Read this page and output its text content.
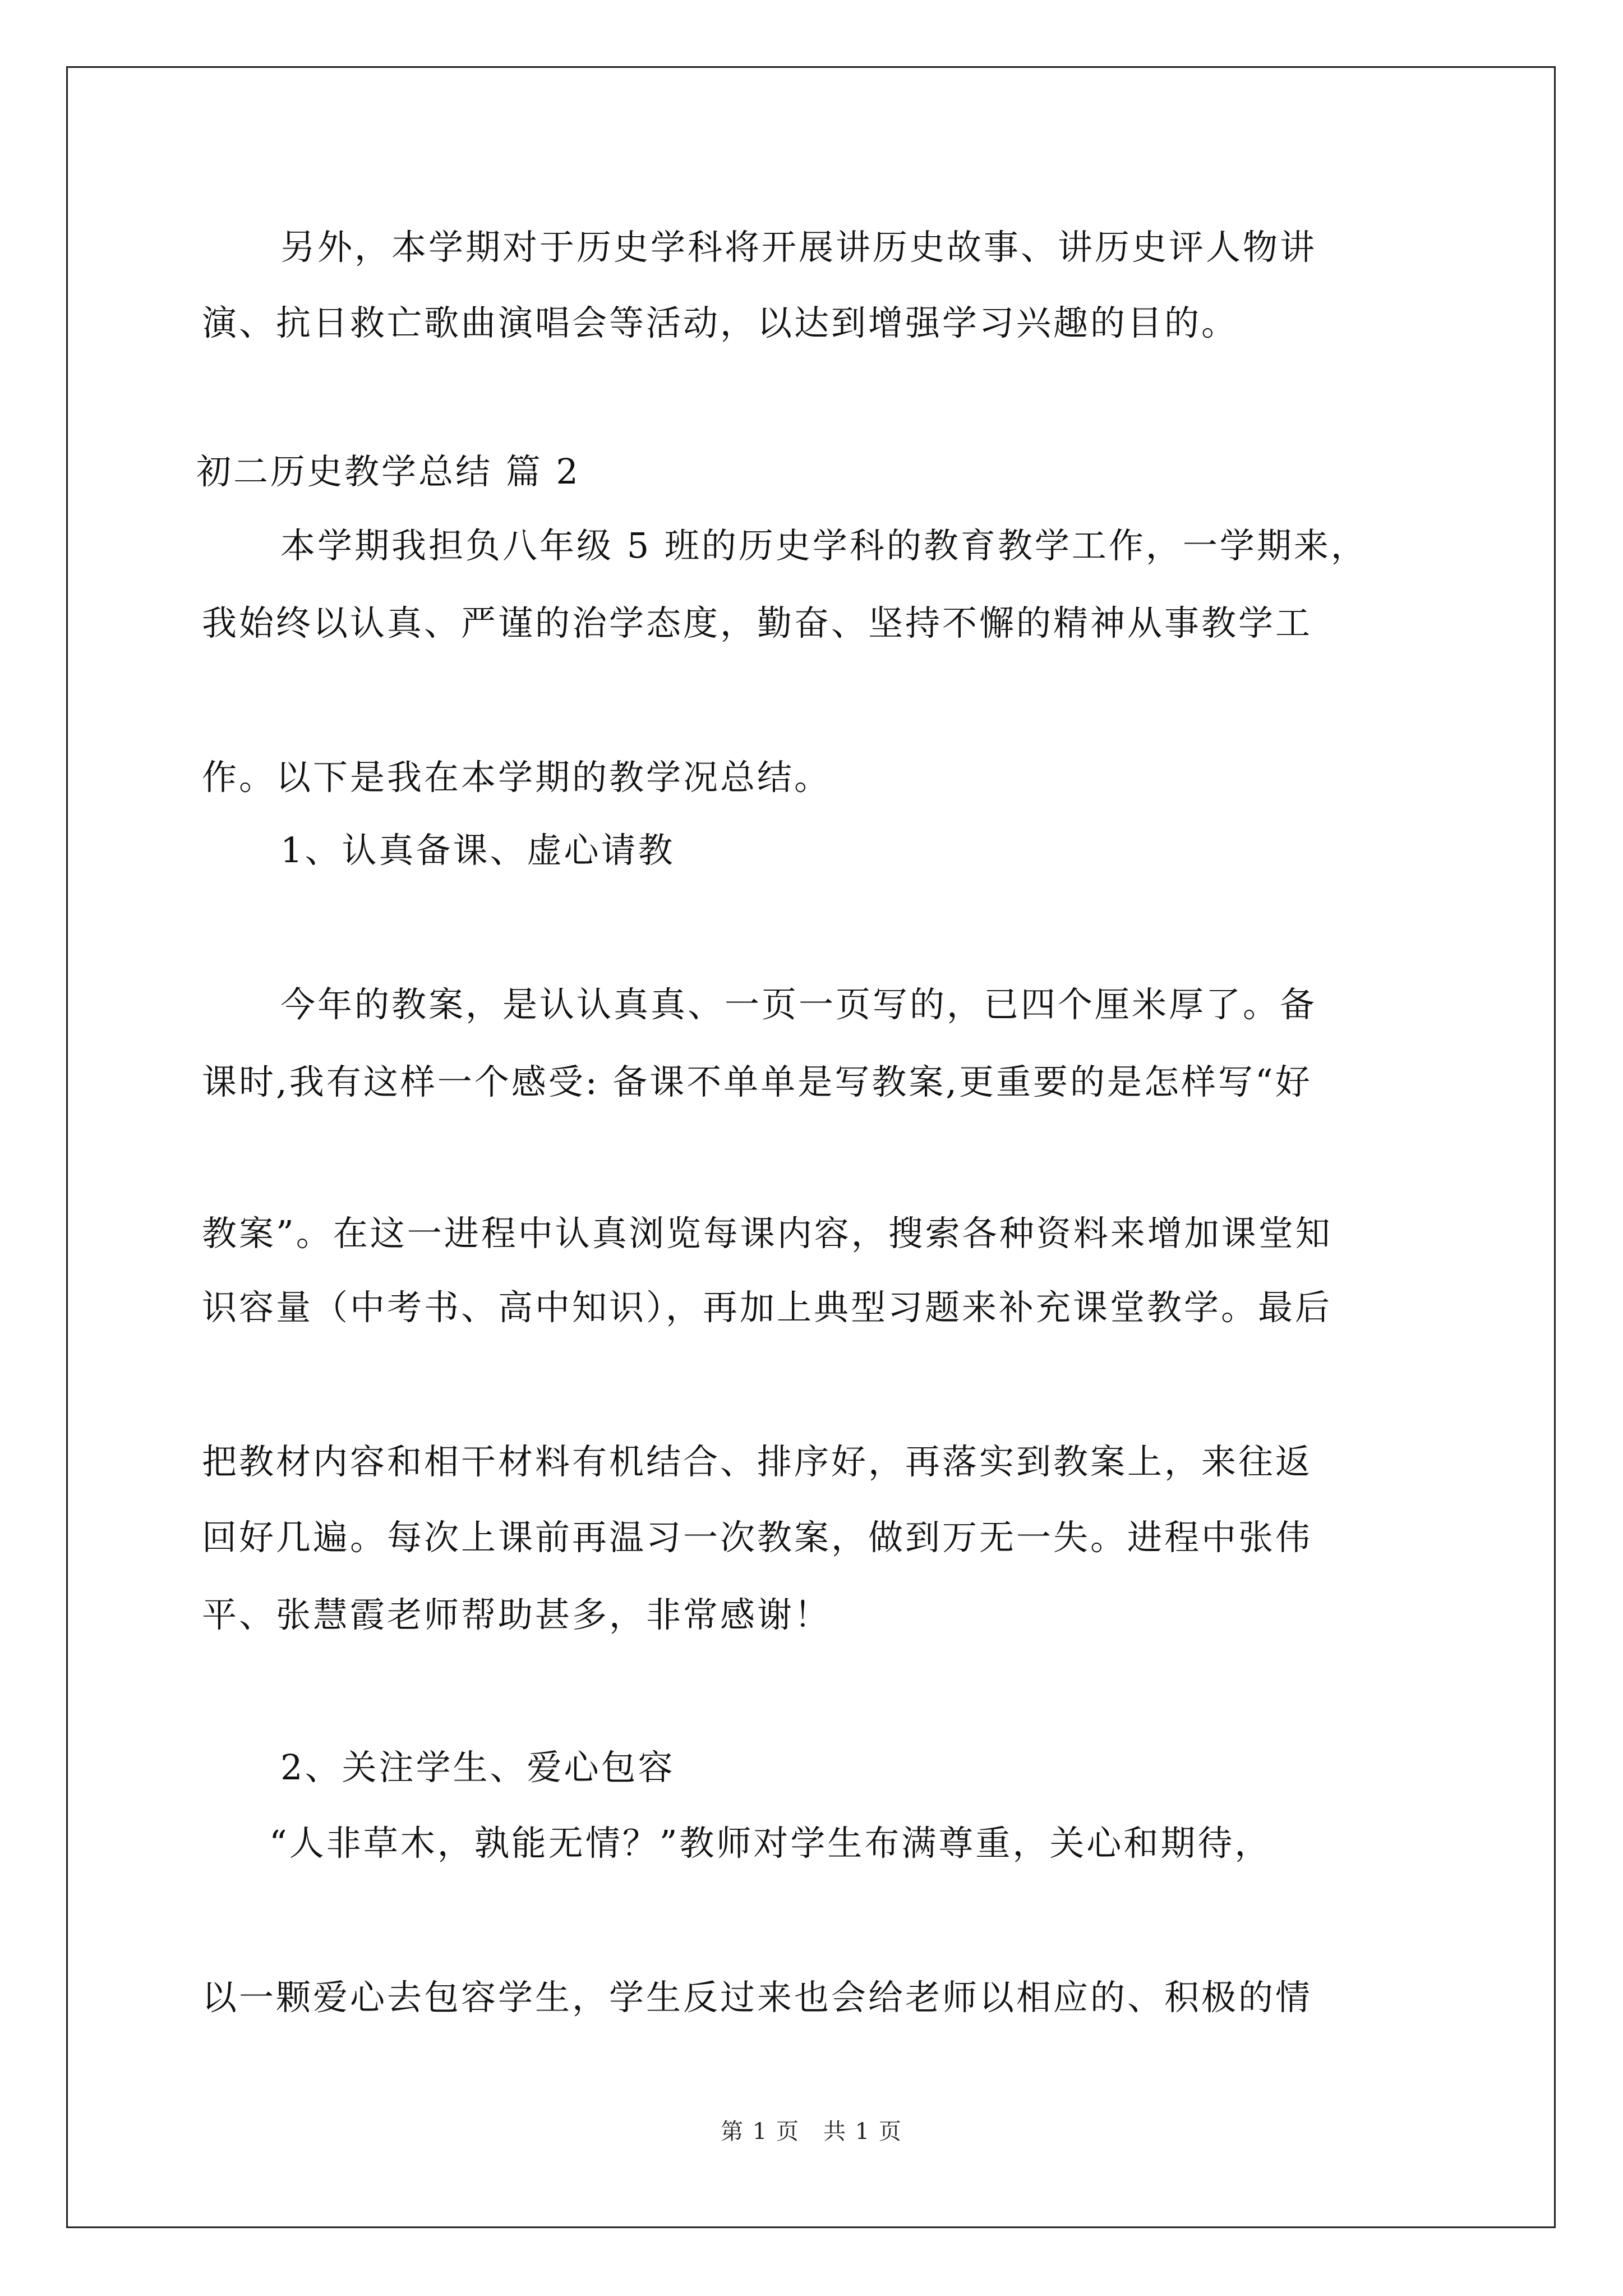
另外，本学期对于历史学科将开展讲历史故事、讲历史评人物讲
演、抗日救亡歌曲演唱会等活动，以达到增强学习兴趣的目的。
初二历史教学总结 篇 2
本学期我担负八年级 5 班的历史学科的教育教学工作，一学期来，
我始终以认真、严谨的治学态度，勤奋、坚持不懈的精神从事教学工
作。以下是我在本学期的教学况总结。
1、认真备课、虚心请教
今年的教案，是认认真真、一页一页写的，已四个厘米厚了。备
课时,我有这样一个感受: 备课不单单是写教案,更重要的是怎样写“好
教案”。在这一进程中认真浏览每课内容，搜索各种资料来增加课堂知
识容量（中考书、高中知识），再加上典型习题来补充课堂教学。最后
把教材内容和相干材料有机结合、排序好，再落实到教案上，来往返
回好几遍。每次上课前再温习一次教案，做到万无一失。进程中张伟
平、张慧霞老师帮助甚多，非常感谢！
2、关注学生、爱心包容
“人非草木，孰能无情？”教师对学生布满尊重，关心和期待，
以一颗爱心去包容学生，学生反过来也会给老师以相应的、积极的情
第 1 页　共 1 页
